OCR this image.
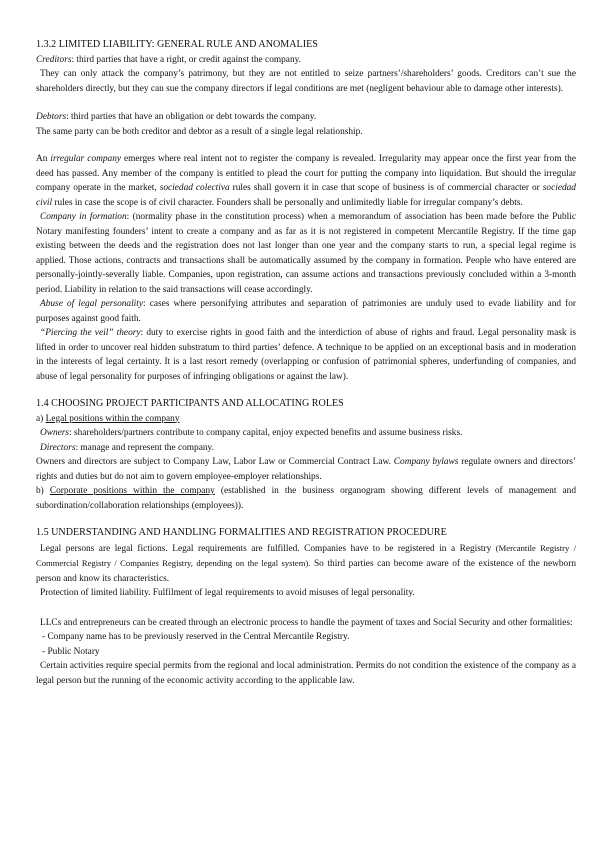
1.3.2 LIMITED LIABILITY: GENERAL RULE AND ANOMALIES

Creditors: third parties that have a right, or credit against the company.

They can only attack the company’s patrimony, but they are not entitled to seize partners’/shareholders’ goods. Creditors can’t sue the shareholders directly, but they can sue the company directors if legal conditions are met (negligent behaviour able to damage other interests).

Debtors: third parties that have an obligation or debt towards the company.

The same party can be both creditor and debtor as a result of a single legal relationship.

An irregular company emerges where real intent not to register the company is revealed. Irregularity may appear once the first year from the deed has passed. Any member of the company is entitled to plead the court for putting the company into liquidation. But should the irregular company operate in the market, sociedad colectiva rules shall govern it in case that scope of business is of commercial character or sociedad civil rules in case the scope is of civil character. Founders shall be personally and unlimitedly liable for irregular company’s debts.

Company in formation: (normality phase in the constitution process) when a memorandum of association has been made before the Public Notary manifesting founders’ intent to create a company and as far as it is not registered in competent Mercantile Registry. If the time gap existing between the deeds and the registration does not last longer than one year and the company starts to run, a special legal regime is applied. Those actions, contracts and transactions shall be automatically assumed by the company in formation. People who have entered are personally-jointly-severally liable. Companies, upon registration, can assume actions and transactions previously concluded within a 3-month period. Liability in relation to the said transactions will cease accordingly.

Abuse of legal personality: cases where personifying attributes and separation of patrimonies are unduly used to evade liability and for purposes against good faith.

“Piercing the veil” theory: duty to exercise rights in good faith and the interdiction of abuse of rights and fraud. Legal personality mask is lifted in order to uncover real hidden substratum to third parties’ defence. A technique to be applied on an exceptional basis and in moderation in the interests of legal certainty. It is a last resort remedy (overlapping or confusion of patrimonial spheres, underfunding of companies, and abuse of legal personality for purposes of infringing obligations or against the law).

1.4 CHOOSING PROJECT PARTICIPANTS AND ALLOCATING ROLES

a) Legal positions within the company

Owners: shareholders/partners contribute to company capital, enjoy expected benefits and assume business risks.

Directors: manage and represent the company.

Owners and directors are subject to Company Law, Labor Law or Commercial Contract Law. Company bylaws regulate owners and directors’ rights and duties but do not aim to govern employee-employer relationships.

b) Corporate positions within the company (established in the business organogram showing different levels of management and subordination/collaboration relationships (employees)).

1.5 UNDERSTANDING AND HANDLING FORMALITIES AND REGISTRATION PROCEDURE

Legal persons are legal fictions. Legal requirements are fulfilled. Companies have to be registered in a Registry (Mercantile Registry / Commercial Registry / Companies Registry, depending on the legal system). So third parties can become aware of the existence of the newborn person and know its characteristics.

Protection of limited liability. Fulfilment of legal requirements to avoid misuses of legal personality.

LLCs and entrepreneurs can be created through an electronic process to handle the payment of taxes and Social Security and other formalities:

- Company name has to be previously reserved in the Central Mercantile Registry.

- Public Notary

Certain activities require special permits from the regional and local administration. Permits do not condition the existence of the company as a legal person but the running of the economic activity according to the applicable law.
